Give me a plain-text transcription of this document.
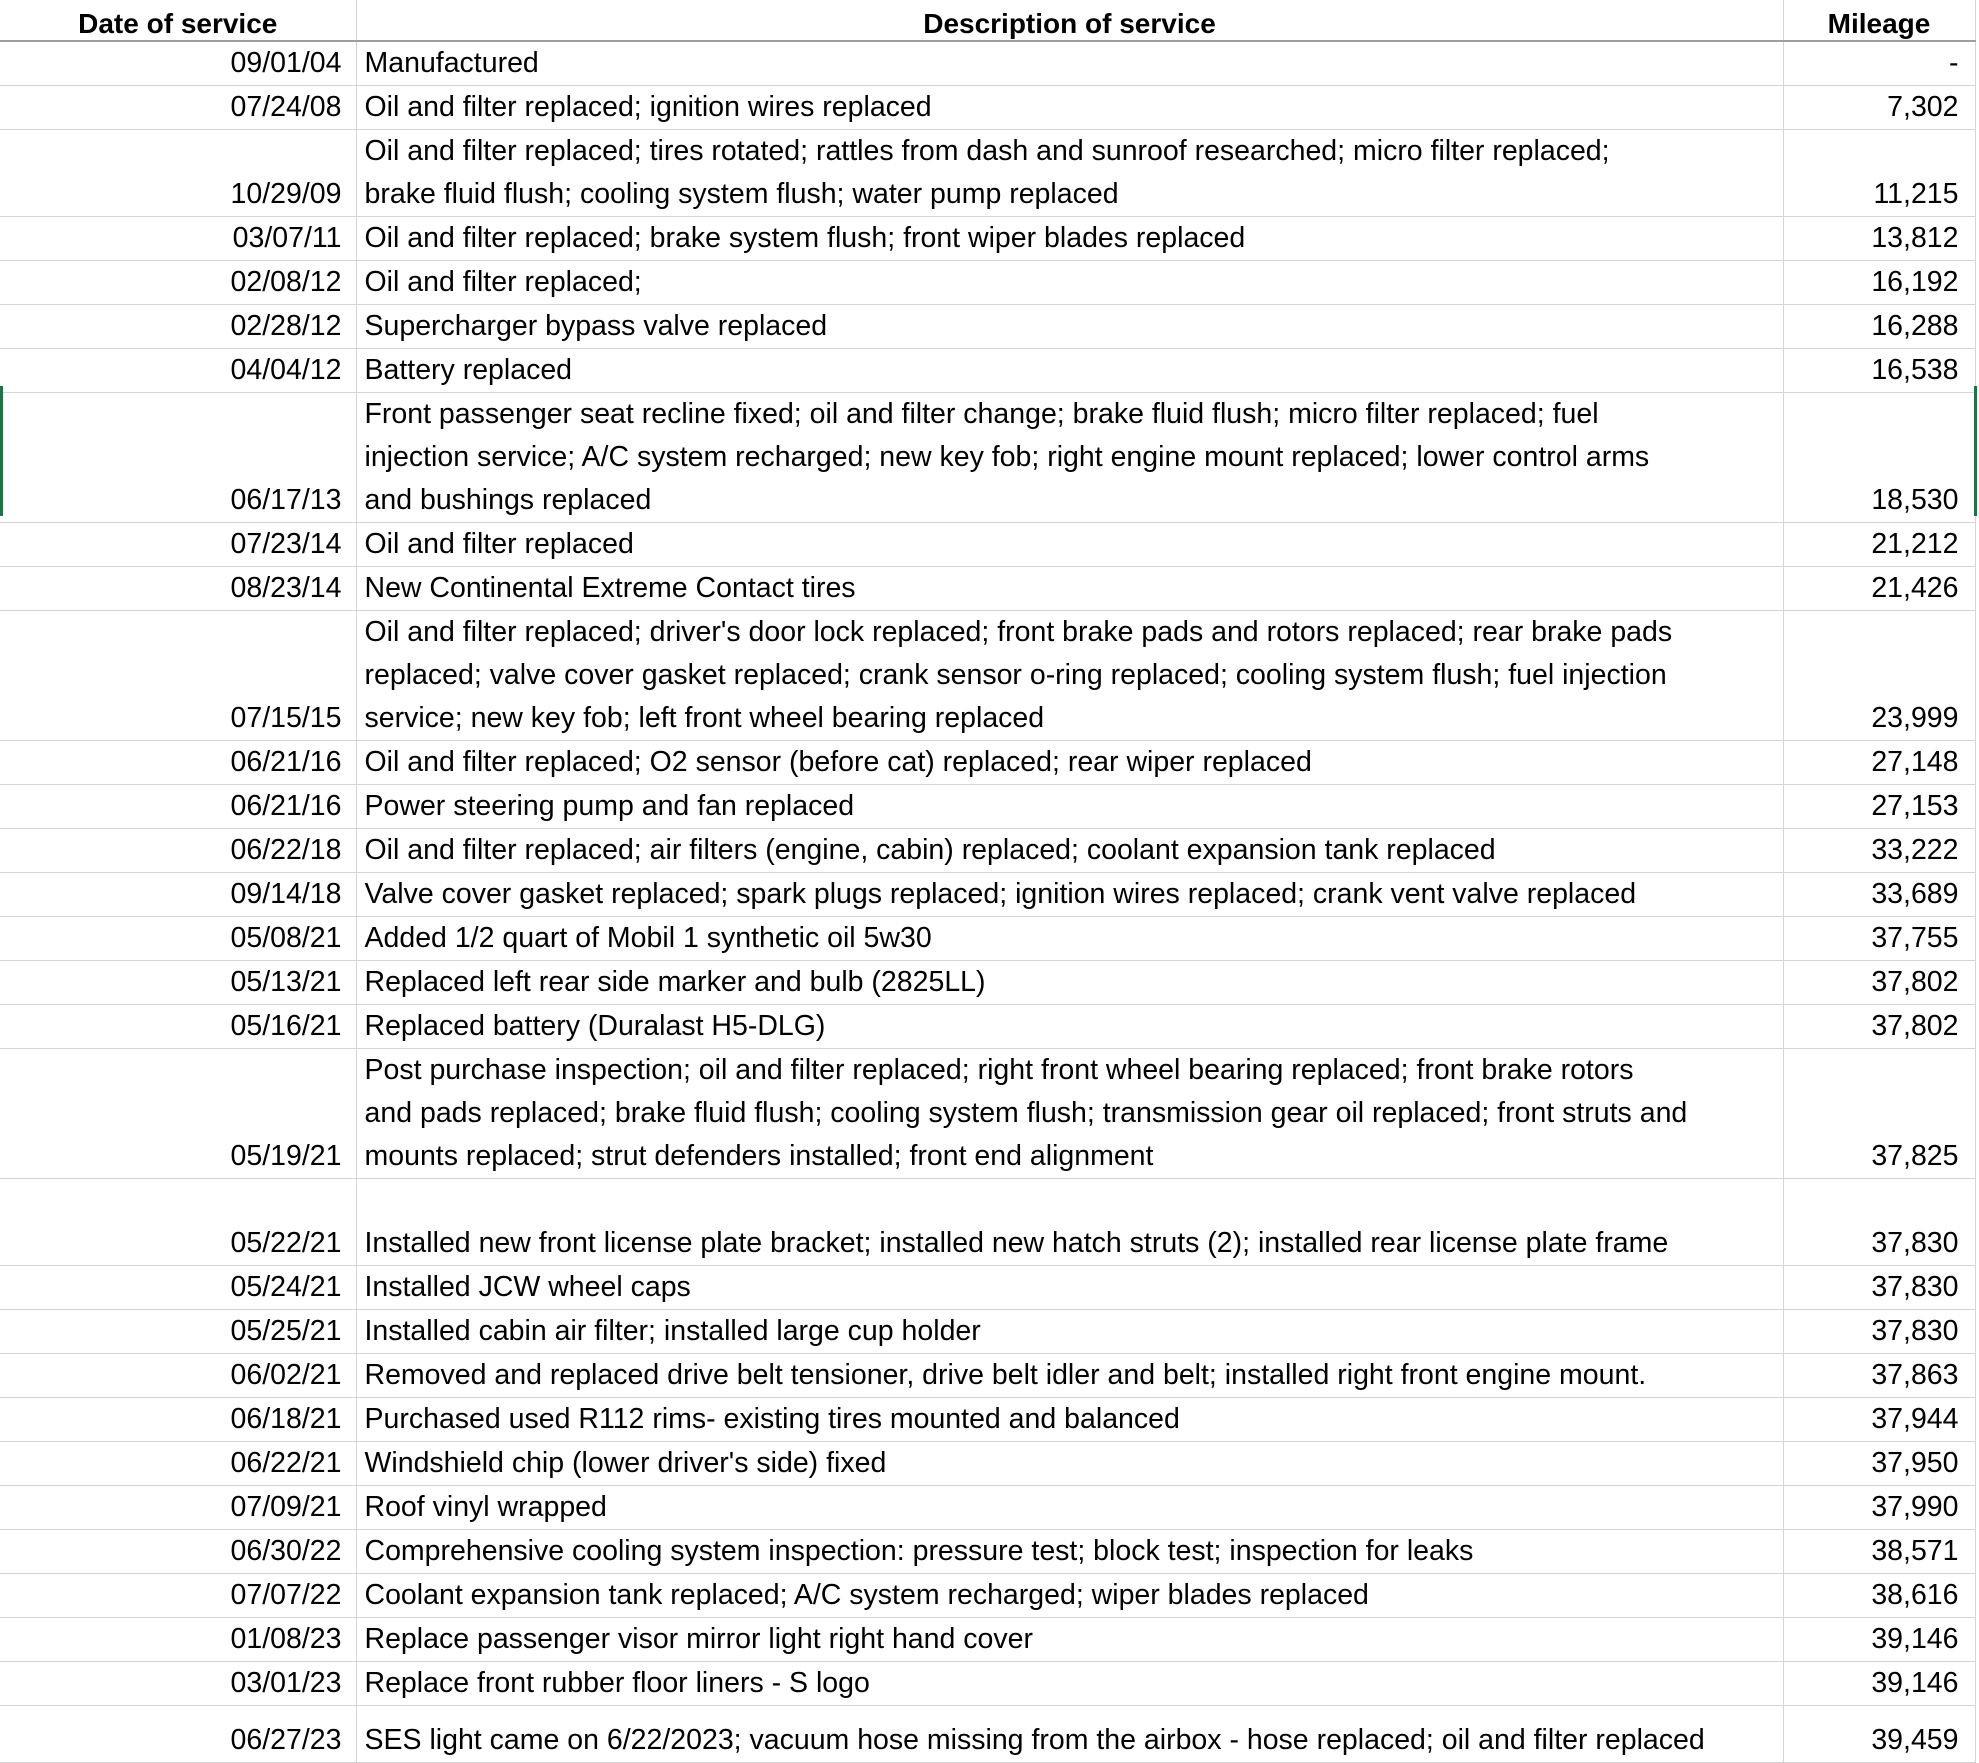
Date of service	Description of service	Mileage
09/01/04	Manufactured	-
07/24/08	Oil and filter replaced; ignition wires replaced	7,302
10/29/09	Oil and filter replaced; tires rotated; rattles from dash and sunroof researched; micro filter replaced;
brake fluid flush; cooling system flush; water pump replaced	11,215
03/07/11	Oil and filter replaced; brake system flush; front wiper blades replaced	13,812
02/08/12	Oil and filter replaced;	16,192
02/28/12	Supercharger bypass valve replaced	16,288
04/04/12	Battery replaced	16,538
06/17/13	Front passenger seat recline fixed; oil and filter change; brake fluid flush; micro filter replaced; fuel
injection service; A/C system recharged; new key fob; right engine mount replaced; lower control arms
and bushings replaced	18,530
07/23/14	Oil and filter replaced	21,212
08/23/14	New Continental Extreme Contact tires	21,426
07/15/15	Oil and filter replaced; driver's door lock replaced; front brake pads and rotors replaced; rear brake pads
replaced; valve cover gasket replaced; crank sensor o-ring replaced; cooling system flush; fuel injection
service; new key fob; left front wheel bearing replaced	23,999
06/21/16	Oil and filter replaced; O2 sensor (before cat) replaced; rear wiper replaced	27,148
06/21/16	Power steering pump and fan replaced	27,153
06/22/18	Oil and filter replaced; air filters (engine, cabin) replaced; coolant expansion tank replaced	33,222
09/14/18	Valve cover gasket replaced; spark plugs replaced; ignition wires replaced; crank vent valve replaced	33,689
05/08/21	Added 1/2 quart of Mobil 1 synthetic oil 5w30	37,755
05/13/21	Replaced left rear side marker and bulb (2825LL)	37,802
05/16/21	Replaced battery (Duralast H5-DLG)	37,802
05/19/21	Post purchase inspection; oil and filter replaced; right front wheel bearing replaced; front brake rotors
and pads replaced; brake fluid flush; cooling system flush; transmission gear oil replaced; front struts and
mounts replaced; strut defenders installed; front end alignment	37,825
05/22/21	Installed new front license plate bracket; installed new hatch struts (2); installed rear license plate frame	37,830
05/24/21	Installed JCW wheel caps	37,830
05/25/21	Installed cabin air filter; installed large cup holder	37,830
06/02/21	Removed and replaced drive belt tensioner, drive belt idler and belt; installed right front engine mount.	37,863
06/18/21	Purchased used R112 rims- existing tires mounted and balanced	37,944
06/22/21	Windshield chip (lower driver's side) fixed	37,950
07/09/21	Roof vinyl wrapped	37,990
06/30/22	Comprehensive cooling system inspection: pressure test; block test; inspection for leaks	38,571
07/07/22	Coolant expansion tank replaced; A/C system recharged; wiper blades replaced	38,616
01/08/23	Replace passenger visor mirror light right hand cover	39,146
03/01/23	Replace front rubber floor liners - S logo	39,146
06/27/23	SES light came on 6/22/2023; vacuum hose missing from the airbox - hose replaced; oil and filter replaced	39,459
